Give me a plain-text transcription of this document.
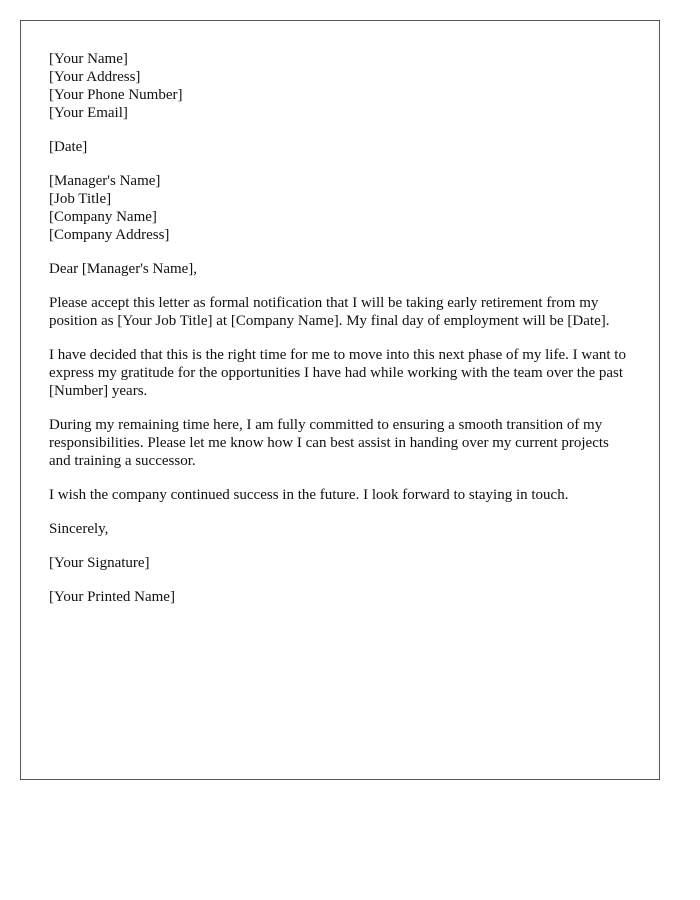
[Your Name]
[Your Address]
[Your Phone Number]
[Your Email]
[Date]
[Manager's Name]
[Job Title]
[Company Name]
[Company Address]

Dear [Manager's Name],

Please accept this letter as formal notification that I will be taking early retirement from my position as [Your Job Title] at [Company Name]. My final day of employment will be [Date].

I have decided that this is the right time for me to move into this next phase of my life. I want to express my gratitude for the opportunities I have had while working with the team over the past [Number] years.

During my remaining time here, I am fully committed to ensuring a smooth transition of my responsibilities. Please let me know how I can best assist in handing over my current projects and training a successor.

I wish the company continued success in the future. I look forward to staying in touch.

Sincerely,

[Your Signature]

[Your Printed Name]
